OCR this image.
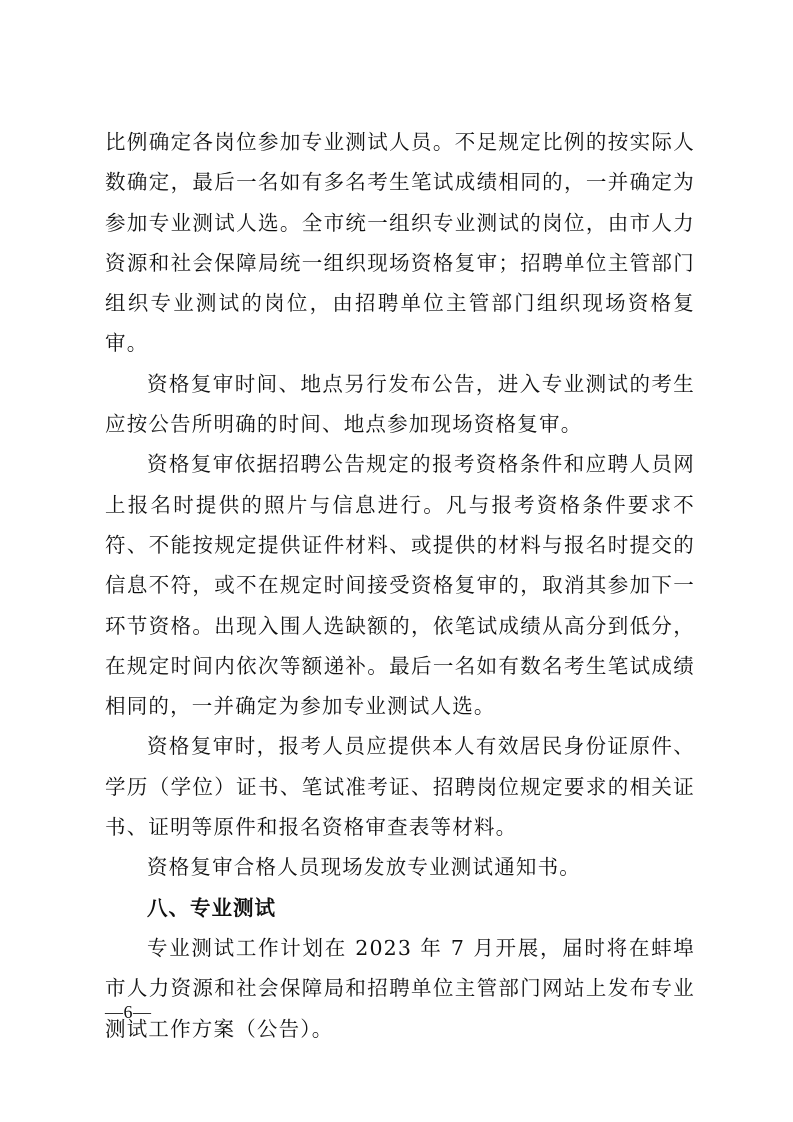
比例确定各岗位参加专业测试人员。不足规定比例的按实际人数确定，最后一名如有多名考生笔试成绩相同的，一并确定为参加专业测试人选。全市统一组织专业测试的岗位，由市人力资源和社会保障局统一组织现场资格复审；招聘单位主管部门组织专业测试的岗位，由招聘单位主管部门组织现场资格复审。

资格复审时间、地点另行发布公告，进入专业测试的考生应按公告所明确的时间、地点参加现场资格复审。

资格复审依据招聘公告规定的报考资格条件和应聘人员网上报名时提供的照片与信息进行。凡与报考资格条件要求不符、不能按规定提供证件材料、或提供的材料与报名时提交的信息不符，或不在规定时间接受资格复审的，取消其参加下一环节资格。出现入围人选缺额的，依笔试成绩从高分到低分，在规定时间内依次等额递补。最后一名如有数名考生笔试成绩相同的，一并确定为参加专业测试人选。

资格复审时，报考人员应提供本人有效居民身份证原件、学历（学位）证书、笔试准考证、招聘岗位规定要求的相关证书、证明等原件和报名资格审查表等材料。

资格复审合格人员现场发放专业测试通知书。

八、专业测试

专业测试工作计划在 2023 年 7 月开展，届时将在蚌埠市人力资源和社会保障局和招聘单位主管部门网站上发布专业测试工作方案（公告）。

—6—
